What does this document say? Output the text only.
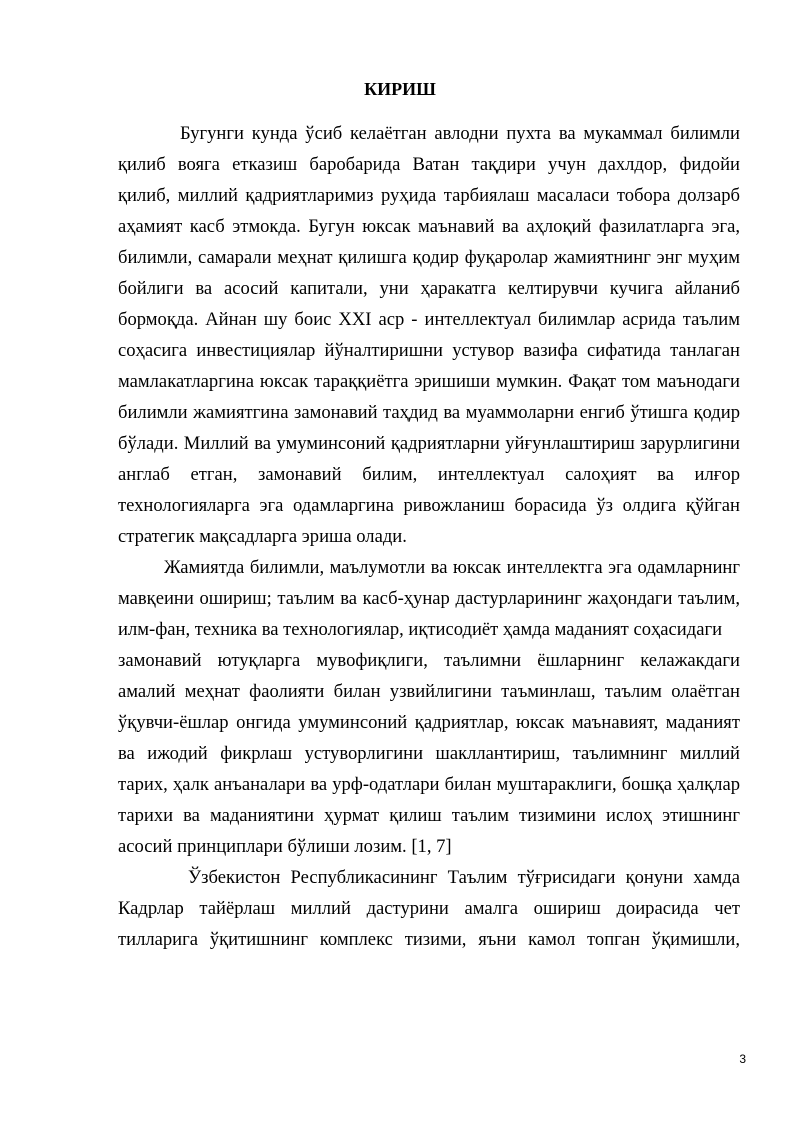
КИРИШ
Бугунги кунда ўсиб келаётган авлодни пухта ва мукаммал билимли
қилиб вояга етказиш баробарида Ватан тақдири учун дахлдор, фидойи
қилиб, миллий қадриятларимиз руҳида тарбиялаш масаласи тобора долзарб
аҳамият касб этмокда. Бугун юксак маънавий ва аҳлоқий фазилатларга эга,
билимли, самарали меҳнат қилишга қодир фуқаролар жамиятнинг энг муҳим
бойлиги ва асосий капитали, уни ҳаракатга келтирувчи кучига айланиб
бормоқда. Айнан шу боис XXI аср - интеллектуал билимлар асрида таълим
соҳасига инвестициялар йўналтиришни устувор вазифа сифатида танлаган
мамлакатларгина юксак тараққиётга эришиши мумкин. Фақат том маънодаги
билимли жамиятгина замонавий таҳдид ва муаммоларни енгиб ўтишга қодир
бўлади. Миллий ва умуминсоний қадриятларни уйғунлаштириш зарурлигини
англаб етган, замонавий билим, интеллектуал салоҳият ва илғор
технологияларга эга одамларгина ривожланиш борасида ўз олдига қўйган
стратегик мақсадларга эриша олади.
Жамиятда билимли, маълумотли ва юксак интеллектга эга одамларнинг
мавқеини ошириш; таълим ва касб-ҳунар дастурларининг жаҳондаги таълим,
илм-фан, техника ва технологиялар, иқтисодиёт ҳамда маданият соҳасидаги
замонавий ютуқларга мувофиқлиги, таълимни ёшларнинг келажакдаги
амалий меҳнат фаолияти билан узвийлигини таъминлаш, таълим олаётган
ўқувчи-ёшлар онгида умуминсоний қадриятлар, юксак маънавият, маданият
ва ижодий фикрлаш устуворлигини шакллантириш, таълимнинг миллий
тарих, ҳалк анъаналари ва урф-одатлари билан муштараклиги, бошқа ҳалқлар
тарихи ва маданиятини ҳурмат қилиш таълим тизимини ислоҳ этишнинг
асосий принциплари бўлиши лозим. [1, 7]
Ўзбекистон Республикасининг Таълим тўғрисидаги қонуни хамда
Кадрлар тайёрлаш миллий дастурини амалга ошириш доирасида чет
тилларига ўқитишнинг комплекс тизими, яъни камол топган ўқимишли,
3
